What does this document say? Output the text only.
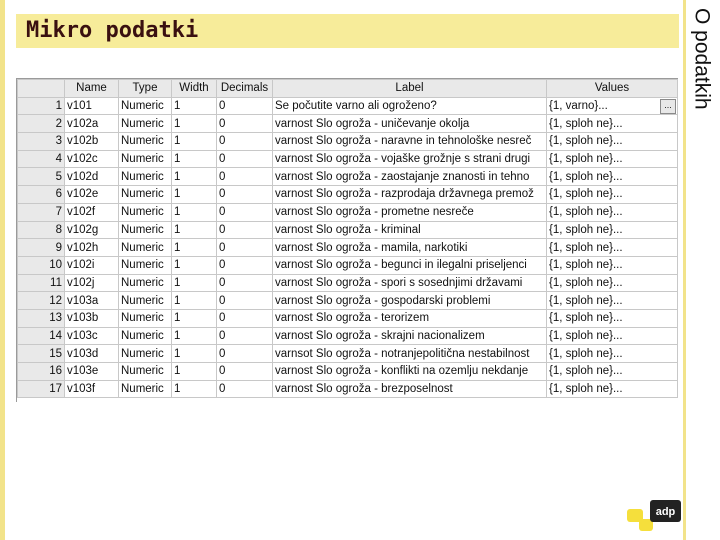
Mikro podatki	O podatkih
	Name	Type	Width	Decimals	Label	Values
1	v101	Numeric	1	0	Se počutite varno ali ogroženo?	{1, varno}... ...

2	v102a	Numeric	1	0	varnost Slo ogroža - uničevanje okolja	{1, sploh ne}...
3	v102b	Numeric	1	0	varnost Slo ogroža - naravne in tehnološke nesreč	{1, sploh ne}...
4	v102c	Numeric	1	0	varnost Slo ogroža - vojaške grožnje s strani drugi	{1, sploh ne}...
5	v102d	Numeric	1	0	varnost Slo ogroža - zaostajanje znanosti in tehno	{1, sploh ne}...
6	v102e	Numeric	1	0	varnost Slo ogroža - razprodaja državnega premož	{1, sploh ne}...
7	v102f	Numeric	1	0	varnost Slo ogroža - prometne nesreče	{1, sploh ne}...
8	v102g	Numeric	1	0	varnost Slo ogroža - kriminal	{1, sploh ne}...
9	v102h	Numeric	1	0	varnost Slo ogroža - mamila, narkotiki	{1, sploh ne}...
10	v102i	Numeric	1	0	varnost Slo ogroža - begunci in ilegalni priseljenci	{1, sploh ne}...
11	v102j	Numeric	1	0	varnost Slo ogroža - spori s sosednjimi državami	{1, sploh ne}...
12	v103a	Numeric	1	0	varnost Slo ogroža - gospodarski problemi	{1, sploh ne}...
13	v103b	Numeric	1	0	varnost Slo ogroža - terorizem	{1, sploh ne}...
14	v103c	Numeric	1	0	varnost Slo ogroža - skrajni nacionalizem	{1, sploh ne}...
15	v103d	Numeric	1	0	varnsot Slo ogroža - notranjepolitična nestabilnost	{1, sploh ne}...
16	v103e	Numeric	1	0	varnost Slo ogroža - konflikti na ozemlju nekdanje	{1, sploh ne}...
17	v103f	Numeric	1	0	varnost Slo ogroža - brezposelnost	{1, sploh ne}...
adp
